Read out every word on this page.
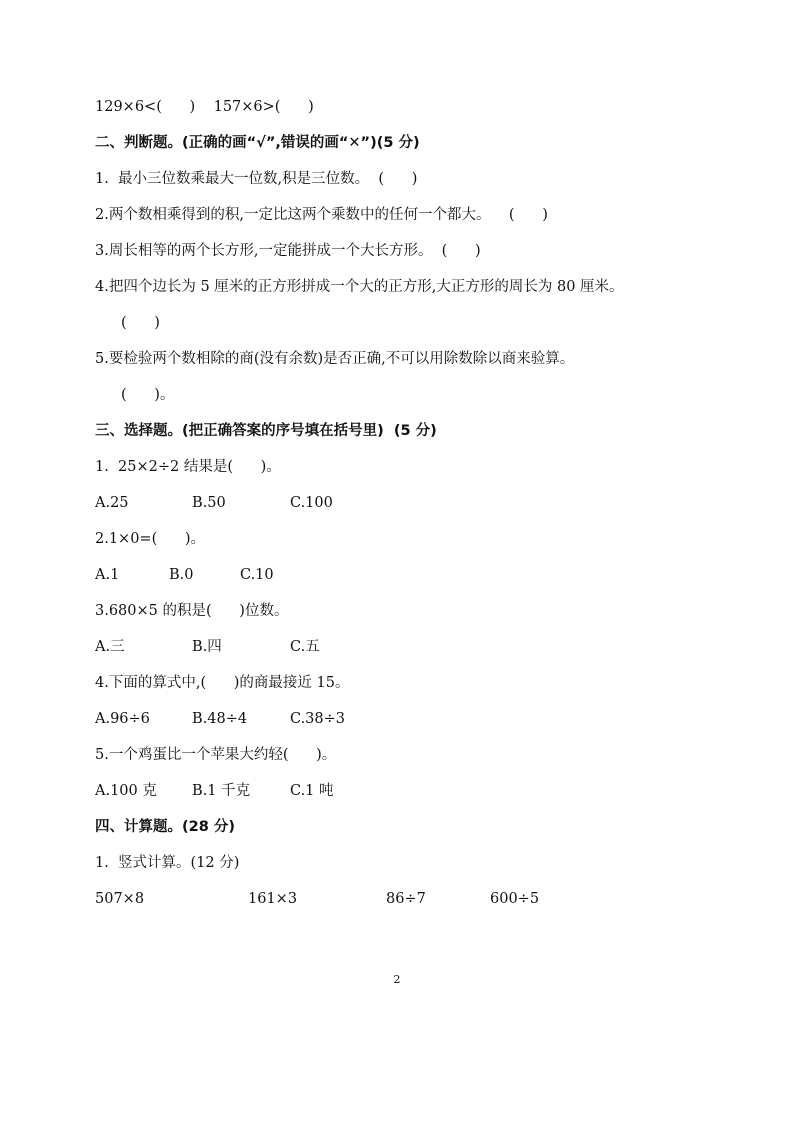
129×6<(      )    157×6>(      )
二、判断题。(正确的画“√”,错误的画“✕”)(5 分)
1.  最小三位数乘最大一位数,积是三位数。  (      )
2.两个数相乘得到的积,一定比这两个乘数中的任何一个都大。    (      )
3.周长相等的两个长方形,一定能拼成一个大长方形。  (      )
4.把四个边长为 5 厘米的正方形拼成一个大的正方形,大正方形的周长为 80 厘米。
(      )
5.要检验两个数相除的商(没有余数)是否正确,不可以用除数除以商来验算。
(      )。
三、选择题。(把正确答案的序号填在括号里)  (5 分)
1.  25×2÷2 结果是(      )。
A.25	B.50	C.100
2.1×0=(      )。
A.1	B.0	C.10
3.680×5 的积是(      )位数。
A.三	B.四	C.五
4.下面的算式中,(      )的商最接近 15。
A.96÷6	B.48÷4	C.38÷3
5.一个鸡蛋比一个苹果大约轻(      )。
A.100 克 B.1 千克	C.1 吨
四、计算题。(28 分)
1.  竖式计算。(12 分)
507×8	161×3	86÷7	600÷5
2
